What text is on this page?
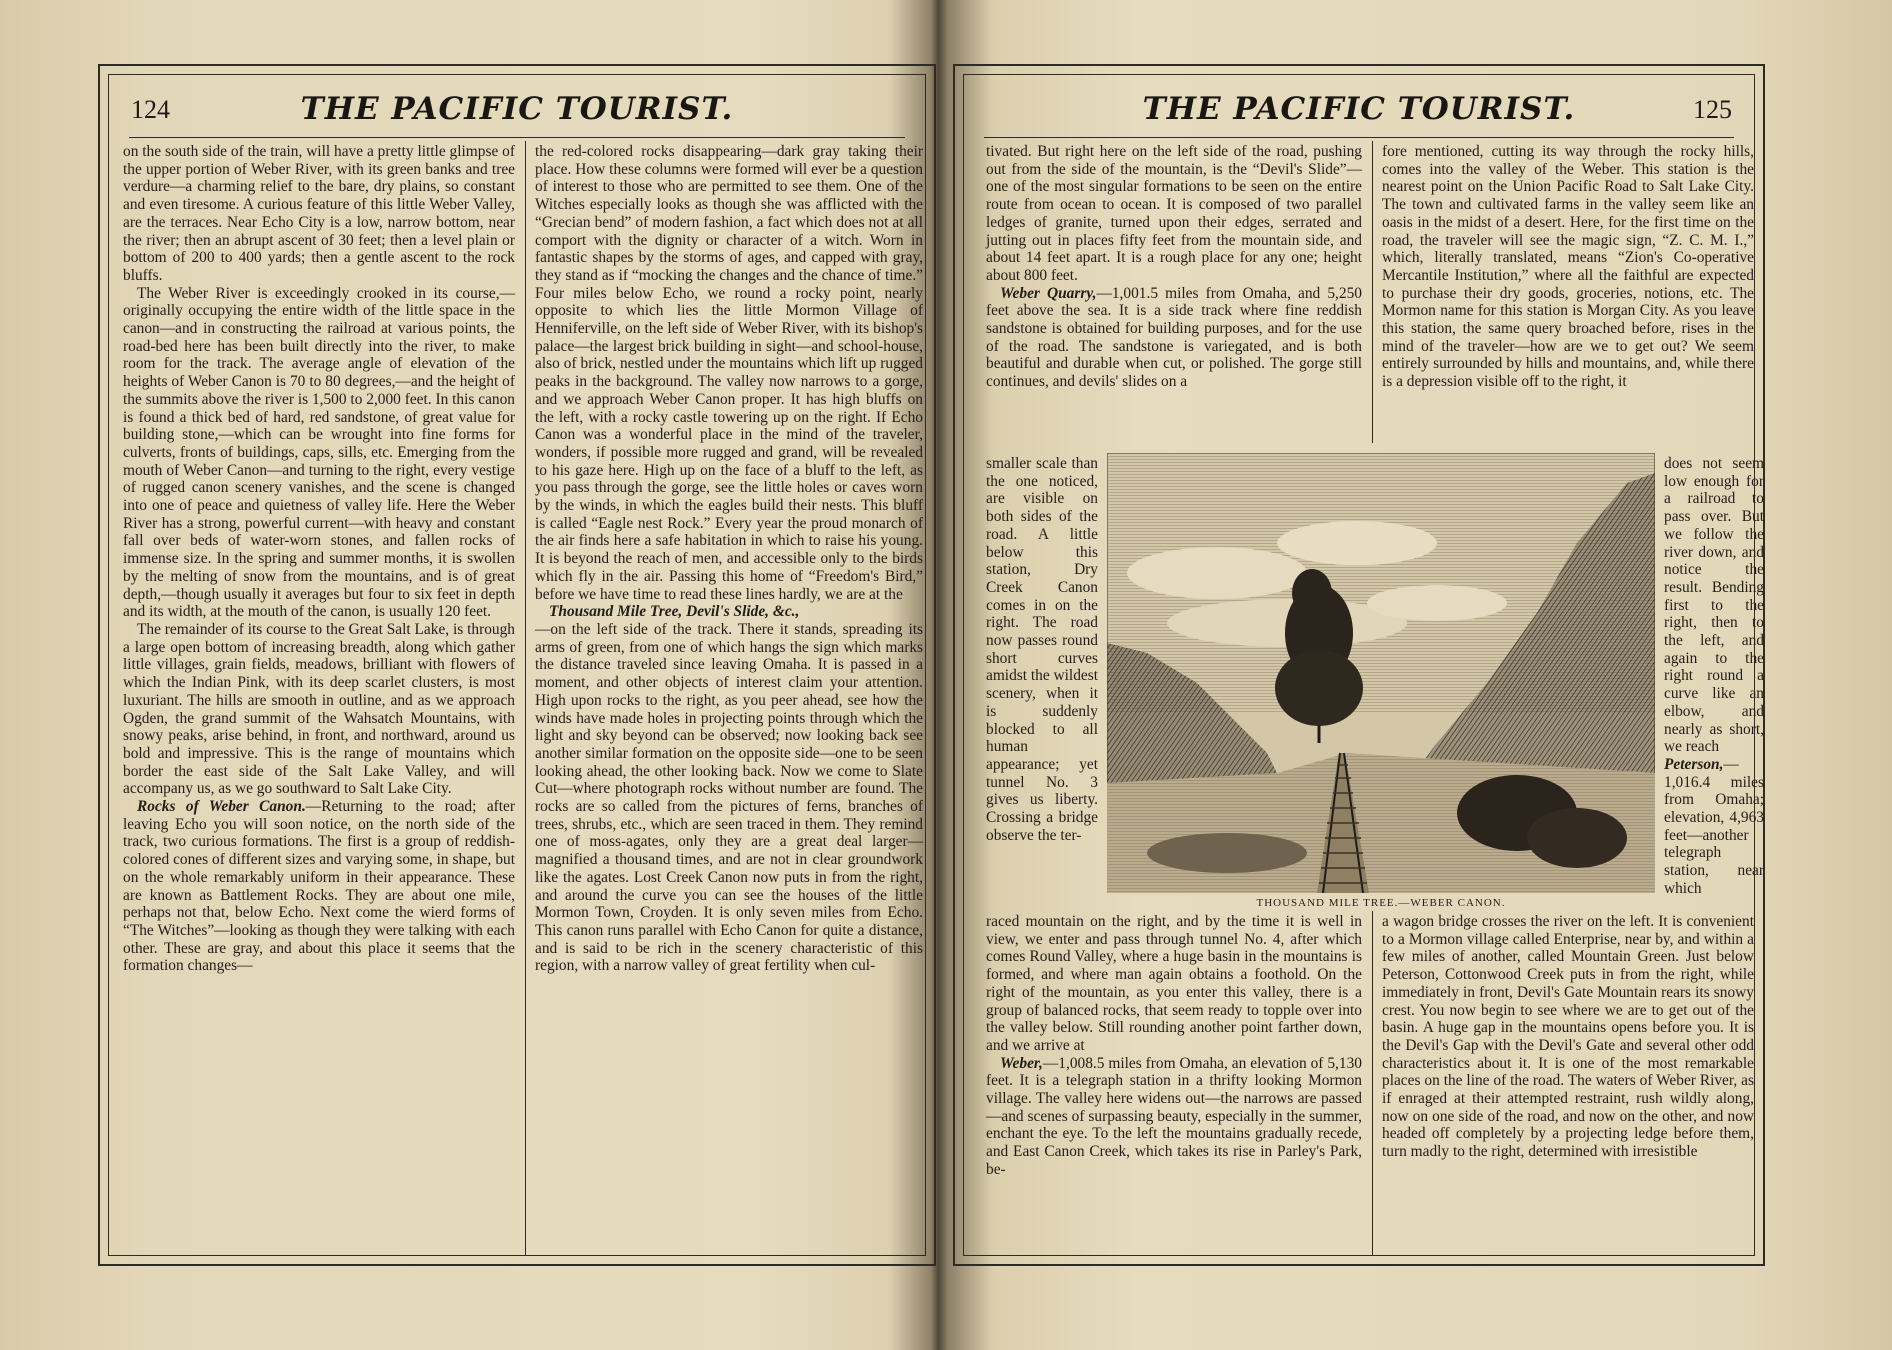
124	THE PACIFIC TOURIST.

on the south side of the train, will have a pretty little glimpse of the upper portion of Weber River, with its green banks and tree verdure—a charming relief to the bare, dry plains, so constant and even tiresome. A curious feature of this little Weber Valley, are the terraces. Near Echo City is a low, narrow bottom, near the river; then an abrupt ascent of 30 feet; then a level plain or bottom of 200 to 400 yards; then a gentle ascent to the rock bluffs.

The Weber River is exceedingly crooked in its course,—originally occupying the entire width of the little space in the canon—and in constructing the railroad at various points, the road-bed here has been built directly into the river, to make room for the track. The average angle of elevation of the heights of Weber Canon is 70 to 80 degrees,—and the height of the summits above the river is 1,500 to 2,000 feet. In this canon is found a thick bed of hard, red sandstone, of great value for building stone,—which can be wrought into fine forms for culverts, fronts of buildings, caps, sills, etc. Emerging from the mouth of Weber Canon—and turning to the right, every vestige of rugged canon scenery vanishes, and the scene is changed into one of peace and quietness of valley life. Here the Weber River has a strong, powerful current—with heavy and constant fall over beds of water-worn stones, and fallen rocks of immense size. In the spring and summer months, it is swollen by the melting of snow from the mountains, and is of great depth,—though usually it averages but four to six feet in depth and its width, at the mouth of the canon, is usually 120 feet.

The remainder of its course to the Great Salt Lake, is through a large open bottom of increasing breadth, along which gather little villages, grain fields, meadows, brilliant with flowers of which the Indian Pink, with its deep scarlet clusters, is most luxuriant. The hills are smooth in outline, and as we approach Ogden, the grand summit of the Wahsatch Mountains, with snowy peaks, arise behind, in front, and northward, around us bold and impressive. This is the range of mountains which border the east side of the Salt Lake Valley, and will accompany us, as we go southward to Salt Lake City.

Rocks of Weber Canon.—Returning to the road; after leaving Echo you will soon notice, on the north side of the track, two curious formations. The first is a group of reddish-colored cones of different sizes and varying some, in shape, but on the whole remarkably uniform in their appearance. These are known as Battlement Rocks. They are about one mile, perhaps not that, below Echo. Next come the wierd forms of “The Witches”—looking as though they were talking with each other. These are gray, and about this place it seems that the formation changes—

the red-colored rocks disappearing—dark gray taking their place. How these columns were formed will ever be a question of interest to those who are permitted to see them. One of the Witches especially looks as though she was afflicted with the “Grecian bend” of modern fashion, a fact which does not at all comport with the dignity or character of a witch. Worn in fantastic shapes by the storms of ages, and capped with gray, they stand as if “mocking the changes and the chance of time.” Four miles below Echo, we round a rocky point, nearly opposite to which lies the little Mormon Village of Henniferville, on the left side of Weber River, with its bishop's palace—the largest brick building in sight—and school-house, also of brick, nestled under the mountains which lift up rugged peaks in the background. The valley now narrows to a gorge, and we approach Weber Canon proper. It has high bluffs on the left, with a rocky castle towering up on the right. If Echo Canon was a wonderful place in the mind of the traveler, wonders, if possible more rugged and grand, will be revealed to his gaze here. High up on the face of a bluff to the left, as you pass through the gorge, see the little holes or caves worn by the winds, in which the eagles build their nests. This bluff is called “Eagle nest Rock.” Every year the proud monarch of the air finds here a safe habitation in which to raise his young. It is beyond the reach of men, and accessible only to the birds which fly in the air. Passing this home of “Freedom's Bird,” before we have time to read these lines hardly, we are at the

Thousand Mile Tree, Devil's Slide, &c.,

—on the left side of the track. There it stands, spreading its arms of green, from one of which hangs the sign which marks the distance traveled since leaving Omaha. It is passed in a moment, and other objects of interest claim your attention. High upon rocks to the right, as you peer ahead, see how the winds have made holes in projecting points through which the light and sky beyond can be observed; now looking back see another similar formation on the opposite side—one to be seen looking ahead, the other looking back. Now we come to Slate Cut—where photograph rocks without number are found. The rocks are so called from the pictures of ferns, branches of trees, shrubs, etc., which are seen traced in them. They remind one of moss-agates, only they are a great deal larger—magnified a thousand times, and are not in clear groundwork like the agates. Lost Creek Canon now puts in from the right, and around the curve you can see the houses of the little Mormon Town, Croyden. It is only seven miles from Echo. This canon runs parallel with Echo Canon for quite a distance, and is said to be rich in the scenery characteristic of this region, with a narrow valley of great fertility when cul-

THE PACIFIC TOURIST.	125

tivated. But right here on the left side of the road, pushing out from the side of the mountain, is the “Devil's Slide”—one of the most singular formations to be seen on the entire route from ocean to ocean. It is composed of two parallel ledges of granite, turned upon their edges, serrated and jutting out in places fifty feet from the mountain side, and about 14 feet apart. It is a rough place for any one; height about 800 feet.

Weber Quarry,—1,001.5 miles from Omaha, and 5,250 feet above the sea. It is a side track where fine reddish sandstone is obtained for building purposes, and for the use of the road. The sandstone is variegated, and is both beautiful and durable when cut, or polished. The gorge still continues, and devils' slides on a

fore mentioned, cutting its way through the rocky hills, comes into the valley of the Weber. This station is the nearest point on the Union Pacific Road to Salt Lake City. The town and cultivated farms in the valley seem like an oasis in the midst of a desert. Here, for the first time on the road, the traveler will see the magic sign, “Z. C. M. I.,” which, literally translated, means “Zion's Co-operative Mercantile Institution,” where all the faithful are expected to purchase their dry goods, groceries, notions, etc. The Mormon name for this station is Morgan City. As you leave this station, the same query broached before, rises in the mind of the traveler—how are we to get out? We seem entirely surrounded by hills and mountains, and, while there is a depression visible off to the right, it

smaller scale than the one noticed, are visible on both sides of the road. A little below this station, Dry Creek Canon comes in on the right. The road now passes round short curves amidst the wildest scenery, when it is suddenly blocked to all human appearance; yet tunnel No. 3 gives us liberty. Crossing a bridge observe the ter-
THOUSAND MILE TREE.—WEBER CANON.
does not seem low enough for a railroad to pass over. But we follow the river down, and notice the result. Bending first to the right, then to the left, and again to the right round a curve like an elbow, and nearly as short, we reach
Peterson,—1,016.4 miles from Omaha; elevation, 4,963 feet—another telegraph station, near which

raced mountain on the right, and by the time it is well in view, we enter and pass through tunnel No. 4, after which comes Round Valley, where a huge basin in the mountains is formed, and where man again obtains a foothold. On the right of the mountain, as you enter this valley, there is a group of balanced rocks, that seem ready to topple over into the valley below. Still rounding another point farther down, and we arrive at

Weber,—1,008.5 miles from Omaha, an elevation of 5,130 feet. It is a telegraph station in a thrifty looking Mormon village. The valley here widens out—the narrows are passed—and scenes of surpassing beauty, especially in the summer, enchant the eye. To the left the mountains gradually recede, and East Canon Creek, which takes its rise in Parley's Park, be-

a wagon bridge crosses the river on the left. It is convenient to a Mormon village called Enterprise, near by, and within a few miles of another, called Mountain Green. Just below Peterson, Cottonwood Creek puts in from the right, while immediately in front, Devil's Gate Mountain rears its snowy crest. You now begin to see where we are to get out of the basin. A huge gap in the mountains opens before you. It is the Devil's Gap with the Devil's Gate and several other odd characteristics about it. It is one of the most remarkable places on the line of the road. The waters of Weber River, as if enraged at their attempted restraint, rush wildly along, now on one side of the road, and now on the other, and now headed off completely by a projecting ledge before them, turn madly to the right, determined with irresistible
